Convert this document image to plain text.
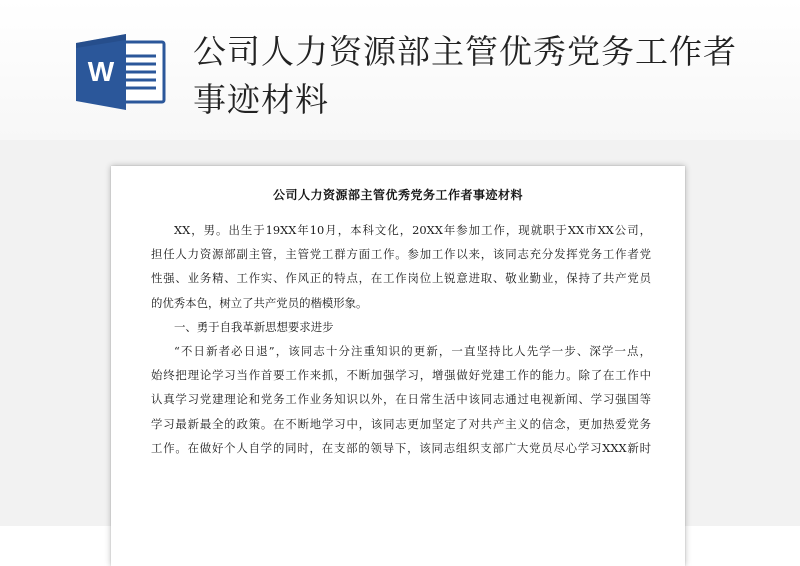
W
公司人力资源部主管优秀党务工作者事迹材料
公司人力资源部主管优秀党务工作者事迹材料
XX，男。出生于19XX年10月，本科文化，20XX年参加工作，现就职于XX市XX公司，
担任人力资源部副主管，主管党工群方面工作。参加工作以来，该同志充分发挥党务工作者党
性强、业务精、工作实、作风正的特点，在工作岗位上锐意进取、敬业勤业，保持了共产党员
的优秀本色，树立了共产党员的楷模形象。
一、勇于自我革新思想要求进步
“不日新者必日退”，该同志十分注重知识的更新，一直坚持比人先学一步、深学一点，
始终把理论学习当作首要工作来抓，不断加强学习，增强做好党建工作的能力。除了在工作中
认真学习党建理论和党务工作业务知识以外，在日常生活中该同志通过电视新闻、学习强国等
学习最新最全的政策。在不断地学习中，该同志更加坚定了对共产主义的信念，更加热爱党务
工作。在做好个人自学的同时，在支部的领导下，该同志组织支部广大党员尽心学习XXX新时
